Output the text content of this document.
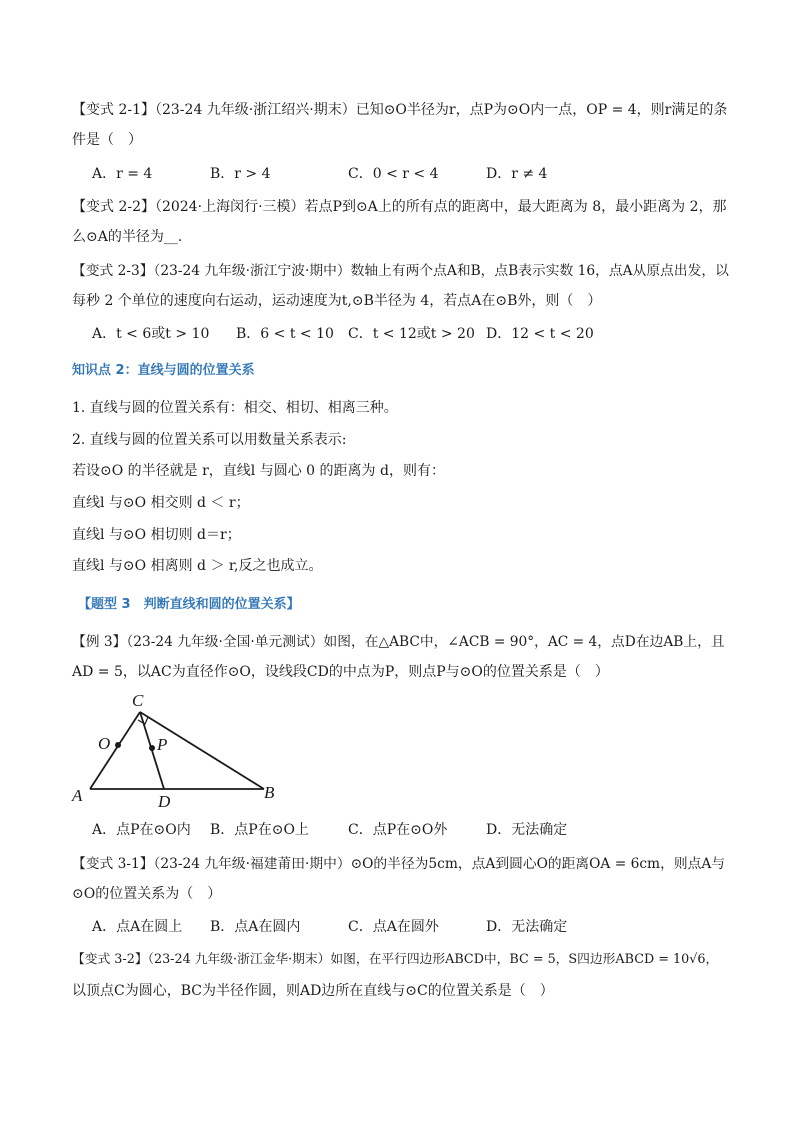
【变式 2-1】（23-24 九年级·浙江绍兴·期末）已知⊙O半径为r，点P为⊙O内一点，OP = 4，则r满足的条
件是（　）
A．r = 4	B．r > 4	C．0 < r < 4	D．r ≠ 4
【变式 2-2】（2024·上海闵行·三模）若点P到⊙A上的所有点的距离中，最大距离为 8，最小距离为 2，那
么⊙A的半径为__.
【变式 2-3】（23-24 九年级·浙江宁波·期中）数轴上有两个点A和B，点B表示实数 16，点A从原点出发，以
每秒 2 个单位的速度向右运动，运动速度为t,⊙B半径为 4，若点A在⊙B外，则（　）
A．t < 6或t > 10 B．6 < t < 10 C．t < 12或t > 20 D．12 < t < 20
知识点 2：直线与圆的位置关系
1. 直线与圆的位置关系有：相交、相切、相离三种。
2. 直线与圆的位置关系可以用数量关系表示:
若设⊙O 的半径就是 r，直线l 与圆心 0 的距离为 d，则有：
直线l 与⊙O 相交则 d ＜ r；
直线l 与⊙O 相切则 d＝r；
直线l 与⊙O 相离则 d ＞ r,反之也成立。
【题型 3　判断直线和圆的位置关系】
【例 3】（23-24 九年级·全国·单元测试）如图，在△ABC中，∠ACB = 90°，AC = 4，点D在边AB上，且
AD = 5，以AC为直径作⊙O，设线段CD的中点为P，则点P与⊙O的位置关系是（　）
C
O	P
A	D	B
A．点P在⊙O内 B．点P在⊙O上	C．点P在⊙O外	D．无法确定
【变式 3-1】（23-24 九年级·福建莆田·期中）⊙O的半径为5cm，点A到圆心O的距离OA = 6cm，则点A与
⊙O的位置关系为（　）
A．点A在圆上 B．点A在圆内	C．点A在圆外	D．无法确定
【变式 3-2】（23-24 九年级·浙江金华·期末）如图，在平行四边形ABCD中，BC = 5，S四边形ABCD = 10√6，
以顶点C为圆心，BC为半径作圆，则AD边所在直线与⊙C的位置关系是（　）
